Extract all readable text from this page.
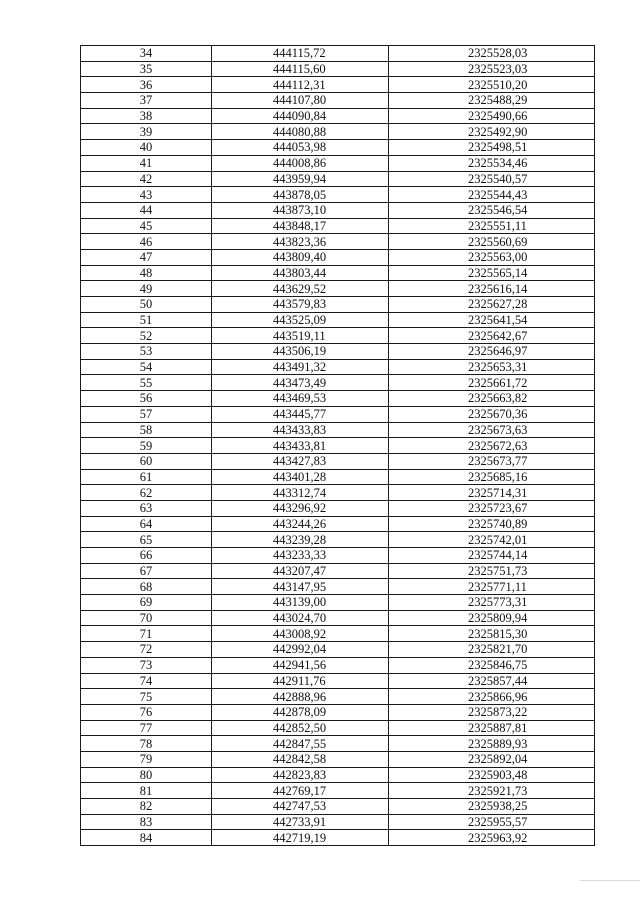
34	444115,72	2325528,03
35	444115,60	2325523,03
36	444112,31	2325510,20
37	444107,80	2325488,29
38	444090,84	2325490,66
39	444080,88	2325492,90
40	444053,98	2325498,51
41	444008,86	2325534,46
42	443959,94	2325540,57
43	443878,05	2325544,43
44	443873,10	2325546,54
45	443848,17	2325551,11
46	443823,36	2325560,69
47	443809,40	2325563,00
48	443803,44	2325565,14
49	443629,52	2325616,14
50	443579,83	2325627,28
51	443525,09	2325641,54
52	443519,11	2325642,67
53	443506,19	2325646,97
54	443491,32	2325653,31
55	443473,49	2325661,72
56	443469,53	2325663,82
57	443445,77	2325670,36
58	443433,83	2325673,63
59	443433,81	2325672,63
60	443427,83	2325673,77
61	443401,28	2325685,16
62	443312,74	2325714,31
63	443296,92	2325723,67
64	443244,26	2325740,89
65	443239,28	2325742,01
66	443233,33	2325744,14
67	443207,47	2325751,73
68	443147,95	2325771,11
69	443139,00	2325773,31
70	443024,70	2325809,94
71	443008,92	2325815,30
72	442992,04	2325821,70
73	442941,56	2325846,75
74	442911,76	2325857,44
75	442888,96	2325866,96
76	442878,09	2325873,22
77	442852,50	2325887,81
78	442847,55	2325889,93
79	442842,58	2325892,04
80	442823,83	2325903,48
81	442769,17	2325921,73
82	442747,53	2325938,25
83	442733,91	2325955,57
84	442719,19	2325963,92
